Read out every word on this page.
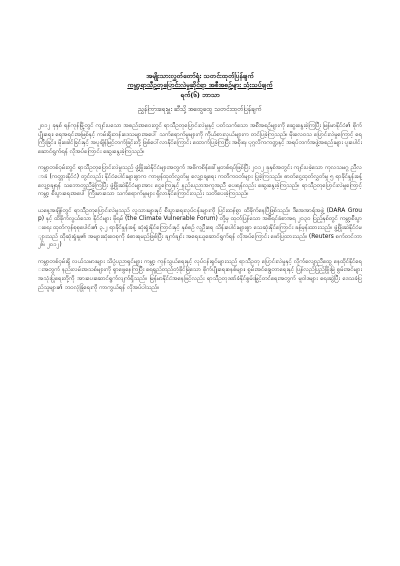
အမျိုးသားလွှတ်တော်ရုံး သတင်းထုတ်ပြန်ချက်
ကမ္ဘာ့ရာသီဥတုပြောင်းလဲမှုဆိုင်ရာ အစီအစဉ်များ သုံးသပ်ချက်
ရက်(၆) ဘာသာ
ညွှန်ကြားရေးမှူး ဆီသို့ အထွေထွေ သတင်းထုတ်ပြန်ချက်

၂၀၁၂ ခုနှစ် ရန်ကုန်မြို့တွင် ကျင်းပသော အစည်းအဝေးတွင် ရာသီဥတုပြောင်းလဲမှုနှင့် ပတ်သက်သော အစီအစဉ်များကို ဆွေးနွေးခဲ့ကြပြီး မြန်မာနိုင်ငံ၏ စိုက်ပျိုးရေး၊ ရေအရင်းအမြစ်နှင့် ကမ်းရိုးတန်းဒေသများအပေါ် သက်ရောက်မှုများကို ကိုယ်စားလှယ်များက တင်ပြခဲ့ကြသည်။ မိုးလေဝသ ပြောင်းလဲမှုကြောင့် ရေကြီးခြင်း၊ မိုးခေါင်ခြင်းနှင့် အပူချိန်မြင့်တက်ခြင်းတို့ ဖြစ်ပေါ်လာနိုင်ကြောင်း ထောက်ပြခဲ့ကြပြီး အစိုးရ၊ ပုဂ္ဂလိကကဏ္ဍနှင့် အရပ်ဘက်အဖွဲ့အစည်းများ ပူးပေါင်းဆောင်ရွက်ရန် လိုအပ်ကြောင်း ဆွေးနွေးခဲ့ကြသည်။

ကမ္ဘာတစ်ဝှမ်းတွင် ရာသီဥတုပြောင်းလဲမှုသည် ဖွံ့ဖြိုးဆဲနိုင်ငံများအတွက် အဓိကစိန်ခေါ်မှုတစ်ရပ်ဖြစ်ပြီး ၂၀၁၂ ခုနှစ်အတွင်း ကျင်းပခဲ့သော ကုလသမဂ္ဂ ညီလာခံ (ကတ္တားနိုင်ငံ) တွင်လည်း နိုင်ငံပေါင်းများစွာက ကာဗွန်ထုတ်လွှတ်မှု လျှော့ချရေး ကတိကဝတ်များ ပြုခဲ့ကြသည်။ ဓာတ်ငွေ့ထုတ်လွှတ်မှု ၅ ရာခိုင်နှုန်းခန့် လျှော့ချရန် သဘောတူညီခဲ့ကြပြီး ဖွံ့ဖြိုးဆဲနိုင်ငံများအား ငွေကြေးနှင့် နည်းပညာအကူအညီ ပေးရန်လည်း ဆွေးနွေးခဲ့ကြသည်။ ရာသီဥတုပြောင်းလဲမှုကြောင့် ကမ္ဘာ့ စီးပွားရေးအပေါ် ကြီးမားသော သက်ရောက်မှုများ ရှိလာနိုင်ကြောင်းလည်း သတိပေးခဲ့ကြသည်။

ယနေ့အချိန်တွင် ရာသီဥတုပြောင်းလဲမှုသည် လူသားများနှင့် စီးပွားရေးလုပ်ငန်းများကို ပြင်းထန်စွာ ထိခိုက်နေပြီဖြစ်သည်။ ဒီအေအာရ်အဖွဲ့ (DARA Group) နှင့် ထိခိုက်လွယ်သော နိုင်ငံများ ဖိုရမ် (the Climate Vulnerable Forum) တို့မှ ထုတ်ပြန်သော အစီရင်ခံစာအရ ၂၀၃၀ ပြည့်နှစ်တွင် ကမ္ဘာ့စီးပွားရေး ထုတ်ကုန်စုစုပေါင်း၏ ၃.၂ ရာခိုင်နှုန်းခန့် ဆုံးရှုံးနိုင်ကြောင်းနှင့် နှစ်စဉ် လူဦးရေ သိန်းပေါင်းများစွာ သေဆုံးနိုင်ကြောင်း ခန့်မှန်းထားသည်။ ဖွံ့ဖြိုးဆဲနိုင်ငံများသည် ထိုဆုံးရှုံးမှု၏ အများဆုံးဝေစုကို ခံစားရမည်ဖြစ်ပြီး ချက်ချင်း အရေးယူဆောင်ရွက်ရန် လိုအပ်ကြောင်း ဖော်ပြထားသည်။ (Reuters စက်တင်ဘာ ၂၆၊ ၂၀၁၂)

ကမ္ဘာတစ်ဝှမ်းရှိ လယ်သမားများ သိပ္ပံပညာရှင်များ ကမ္ဘာ့ ကုန်သွယ်ရေးနှင့် လုပ်ငန်းရှင်များသည် ရာသီဥတု ပြောင်းလဲမှုနှင့် လိုက်လျောညီထွေ နေထိုင်နိုင်ရေးအတွက် နည်းလမ်းအသစ်များကို ရှာဖွေနေကြပြီး ရေရှည်တည်တံ့ခိုင်မြဲသော စိုက်ပျိုးရေးစနစ်များ၊ စွမ်းအင်ချွေတာရေးနှင့် ပြန်လည်ပြည့်ဖြိုးမြဲ စွမ်းအင်များ အသုံးပြုရေးတို့ကို အားပေးဆောင်ရွက်လျက်ရှိသည်။ မြန်မာနိုင်ငံအနေဖြင့်လည်း ရာသီဥတုဒဏ်ခံနိုင်စွမ်းမြှင့်တင်ရေးအတွက် မူဝါဒများ ရေးဆွဲပြီး ဒေသခံပြည်သူများ၏ ဘဝလုံခြုံရေးကို ကာကွယ်ရန် လိုအပ်ပါသည်။
